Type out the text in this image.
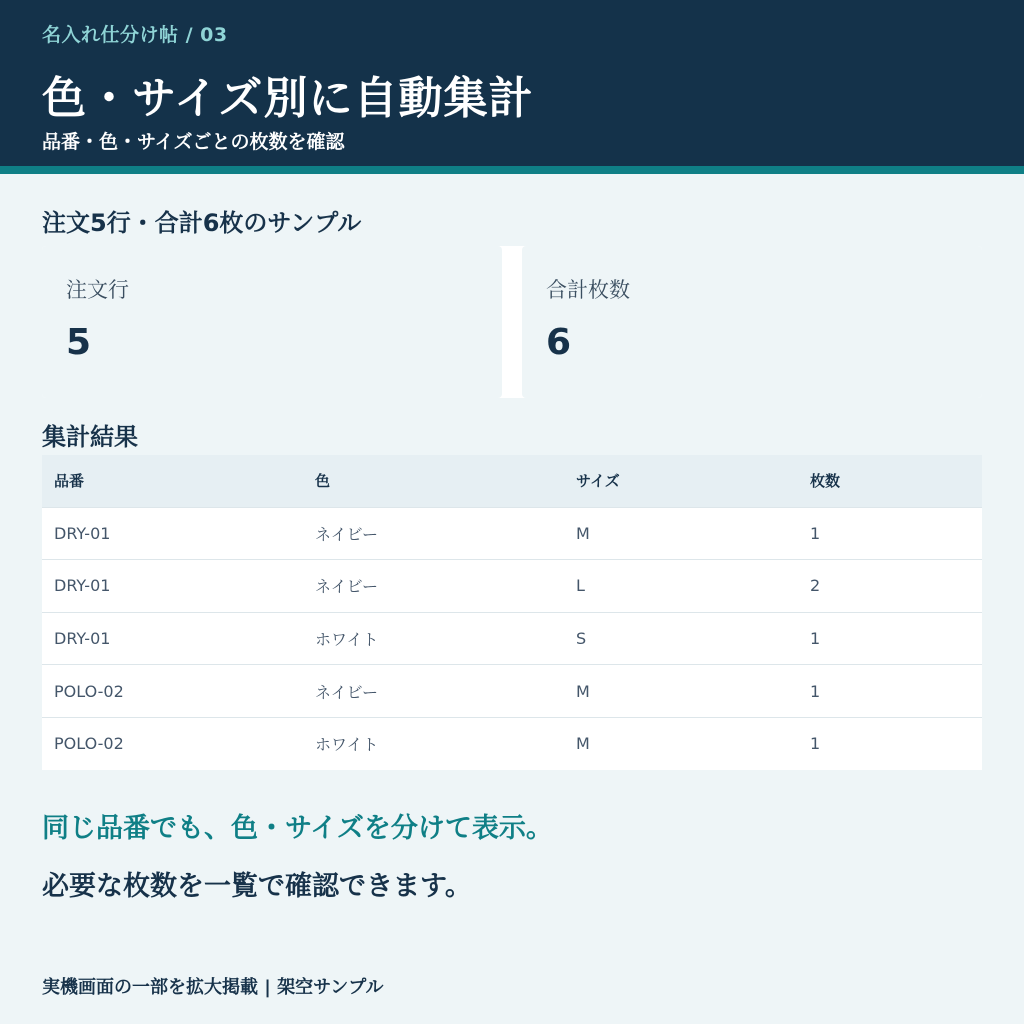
名入れ仕分け帖 / 03
色・サイズ別に自動集計
品番・色・サイズごとの枚数を確認
注文5行・合計6枚のサンプル
注文行
5
合計枚数
6
集計結果
品番	色	サイズ	枚数
DRY-01	ネイビー	M	1
DRY-01	ネイビー	L	2
DRY-01	ホワイト	S	1
POLO-02	ネイビー	M	1
POLO-02	ホワイト	M	1
同じ品番でも、色・サイズを分けて表示。
必要な枚数を一覧で確認できます。
実機画面の一部を拡大掲載 | 架空サンプル
